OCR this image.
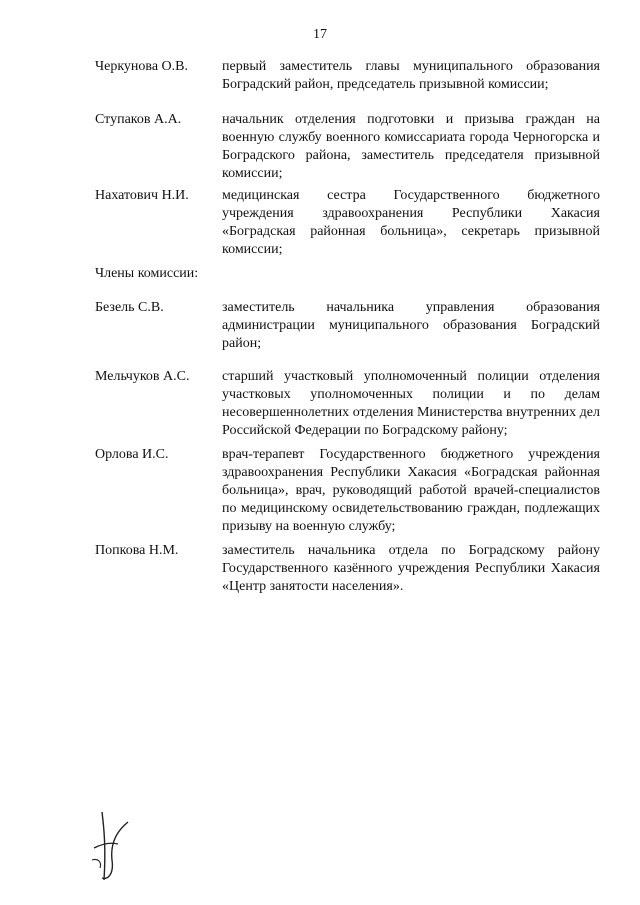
17
Черкунова О.В.	первый заместитель главы муниципального образования Боградский район, председатель призывной комиссии;
Ступаков А.А.	начальник отделения подготовки и призыва граждан на военную службу военного комиссариата города Черногорска и Боградского района, заместитель председателя призывной комиссии;
Нахатович Н.И.	медицинская сестра Государственного бюджетного учреждения здравоохранения Республики Хакасия «Боградская районная больница», секретарь призывной комиссии;
Члены комиссии:
Безель С.В.	заместитель начальника управления образования администрации муниципального образования Боградский район;
Мельчуков А.С.	старший участковый уполномоченный полиции отделения участковых уполномоченных полиции и по делам несовершеннолетних отделения Министерства внутренних дел Российской Федерации по Боградскому району;
Орлова И.С.	врач-терапевт Государственного бюджетного учреждения здравоохранения Республики Хакасия «Боградская районная больница», врач, руководящий работой врачей-специалистов по медицинскому освидетельствованию граждан, подлежащих призыву на военную службу;
Попкова Н.М.	заместитель начальника отдела по Боградскому району Государственного казённого учреждения Республики Хакасия «Центр занятости населения».
